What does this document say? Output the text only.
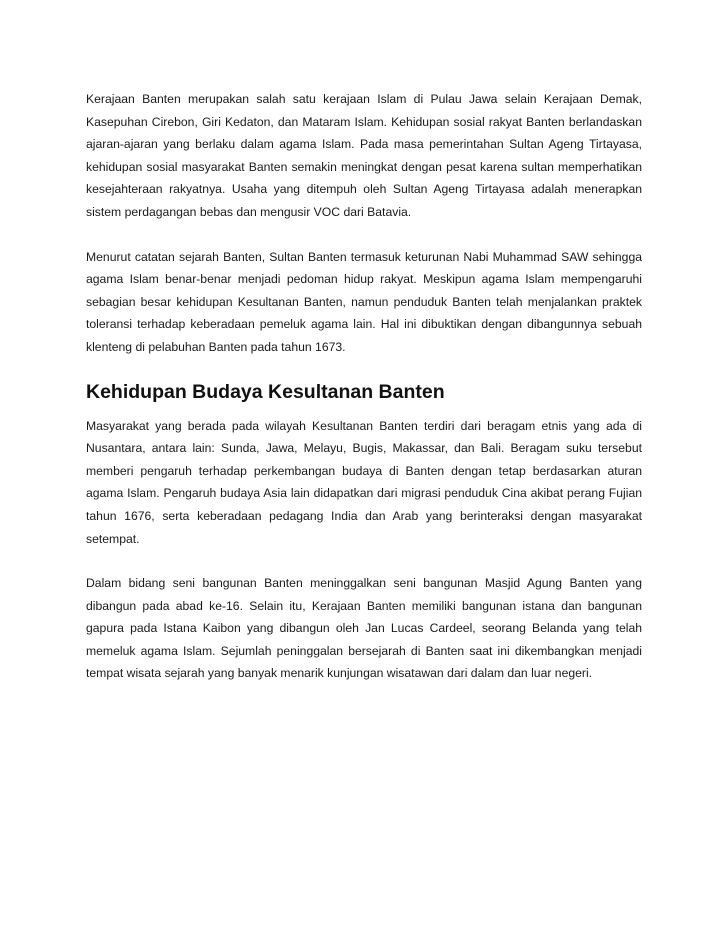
Kerajaan Banten merupakan salah satu kerajaan Islam di Pulau Jawa selain Kerajaan Demak, Kasepuhan Cirebon, Giri Kedaton, dan Mataram Islam. Kehidupan sosial rakyat Banten berlandaskan ajaran-ajaran yang berlaku dalam agama Islam. Pada masa pemerintahan Sultan Ageng Tirtayasa, kehidupan sosial masyarakat Banten semakin meningkat dengan pesat karena sultan memperhatikan kesejahteraan rakyatnya. Usaha yang ditempuh oleh Sultan Ageng Tirtayasa adalah menerapkan sistem perdagangan bebas dan mengusir VOC dari Batavia.

Menurut catatan sejarah Banten, Sultan Banten termasuk keturunan Nabi Muhammad SAW sehingga agama Islam benar-benar menjadi pedoman hidup rakyat. Meskipun agama Islam mempengaruhi sebagian besar kehidupan Kesultanan Banten, namun penduduk Banten telah menjalankan praktek toleransi terhadap keberadaan pemeluk agama lain. Hal ini dibuktikan dengan dibangunnya sebuah klenteng di pelabuhan Banten pada tahun 1673.

Kehidupan Budaya Kesultanan Banten

Masyarakat yang berada pada wilayah Kesultanan Banten terdiri dari beragam etnis yang ada di Nusantara, antara lain: Sunda, Jawa, Melayu, Bugis, Makassar, dan Bali. Beragam suku tersebut memberi pengaruh terhadap perkembangan budaya di Banten dengan tetap berdasarkan aturan agama Islam. Pengaruh budaya Asia lain didapatkan dari migrasi penduduk Cina akibat perang Fujian tahun 1676, serta keberadaan pedagang India dan Arab yang berinteraksi dengan masyarakat setempat.

Dalam bidang seni bangunan Banten meninggalkan seni bangunan Masjid Agung Banten yang dibangun pada abad ke-16. Selain itu, Kerajaan Banten memiliki bangunan istana dan bangunan gapura pada Istana Kaibon yang dibangun oleh Jan Lucas Cardeel, seorang Belanda yang telah memeluk agama Islam. Sejumlah peninggalan bersejarah di Banten saat ini dikembangkan menjadi tempat wisata sejarah yang banyak menarik kunjungan wisatawan dari dalam dan luar negeri.
